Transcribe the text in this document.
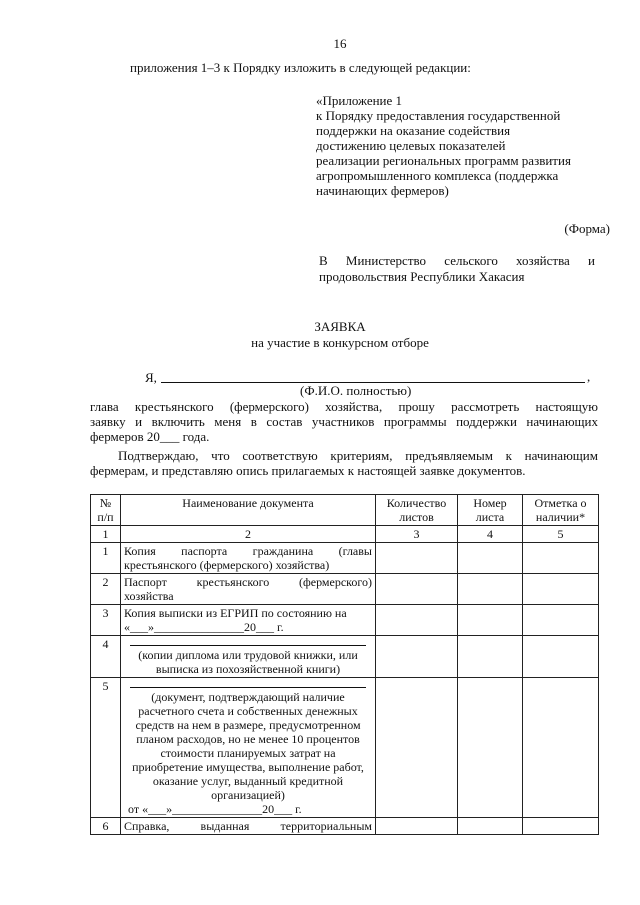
16
приложения 1–3 к Порядку изложить в следующей редакции:
«Приложение 1
к Порядку предоставления государственной
поддержки на оказание содействия
достижению целевых показателей
реализации региональных программ развития
агропромышленного комплекса (поддержка
начинающих фермеров)
(Форма)
В Министерство сельского хозяйства и продовольствия Республики Хакасия
ЗАЯВКА
на участие в конкурсном отборе
Я,	,
(Ф.И.О. полностью)
глава крестьянского (фермерского) хозяйства, прошу рассмотреть настоящую
заявку и включить меня в состав участников программы поддержки начинающих
фермеров 20___ года.
Подтверждаю, что соответствую критериям, предъявляемым к начинающим
фермерам, и представляю опись прилагаемых к настоящей заявке документов.
№ п/п	Наименование документа	Количество листов	Номер листа	Отметка о наличии*
1	2	3	4	5
1	Копия паспорта гражданина (главы
крестьянского (фермерского) хозяйства)			

2	Паспорт крестьянского (фермерского)
хозяйства			

3	Копия выписки из ЕГРИП по состоянию на
«___»_______________20___ г.			

4	(копии диплома или трудовой книжки, или выписка из похозяйственной книги)			

5	(документ, подтверждающий наличие расчетного счета и собственных денежных средств на нем в размере, предусмотренном планом расходов, но не менее 10 процентов стоимости планируемых затрат на приобретение имущества, выполнение работ, оказание услуг, выданный кредитной организацией)
от «___»_______________20___ г.			

6	Справка, выданная территориальным			
